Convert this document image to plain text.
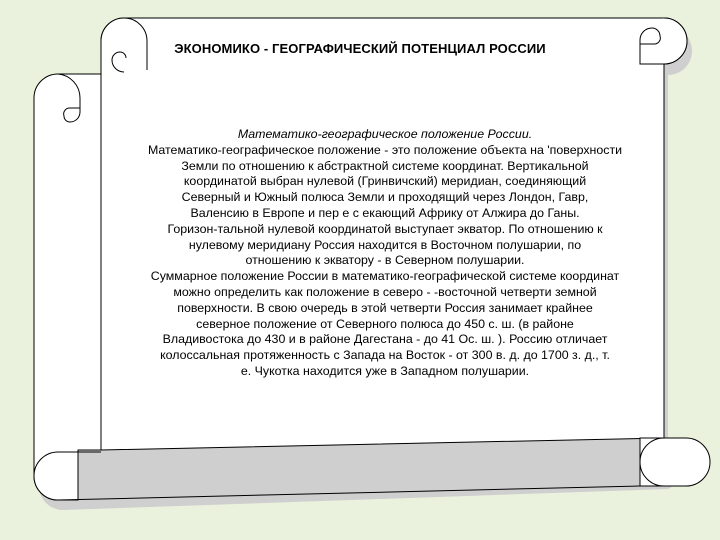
ЭКОНОМИКО - ГЕОГРАФИЧЕСКИЙ ПОТЕНЦИАЛ РОССИИ
Математико-географическое положение России.
Математико-географическое положение - это положение объекта на 'поверхности
Земли по отношению к абстрактной системе координат. Вертикальной
координатой выбран нулевой (Гринвичский) меридиан, соединяющий
Северный и Южный полюса Земли и проходящий через Лондон, Гавр,
Валенсию в Европе и пер е с екающий Африку от Алжира до Ганы.
Горизон-тальной нулевой координатой выступает экватор. По отношению к
нулевому меридиану Россия находится в Восточном полушарии, по
отношению к экватору - в Северном полушарии.
Суммарное положение России в математико-географической системе координат
можно определить как положение в северо - -восточной четверти земной
поверхности. В свою очередь в этой четверти Россия занимает крайнее
северное положение от Северного полюса до 450 с. ш. (в районе
Владивостока до 430 и в районе Дагестана - до 41 Ос. ш. ). Россию отличает
колоссальная протяженность с Запада на Восток - от 300 в. д. до 1700 з. д., т.
е. Чукотка находится уже в Западном полушарии.
